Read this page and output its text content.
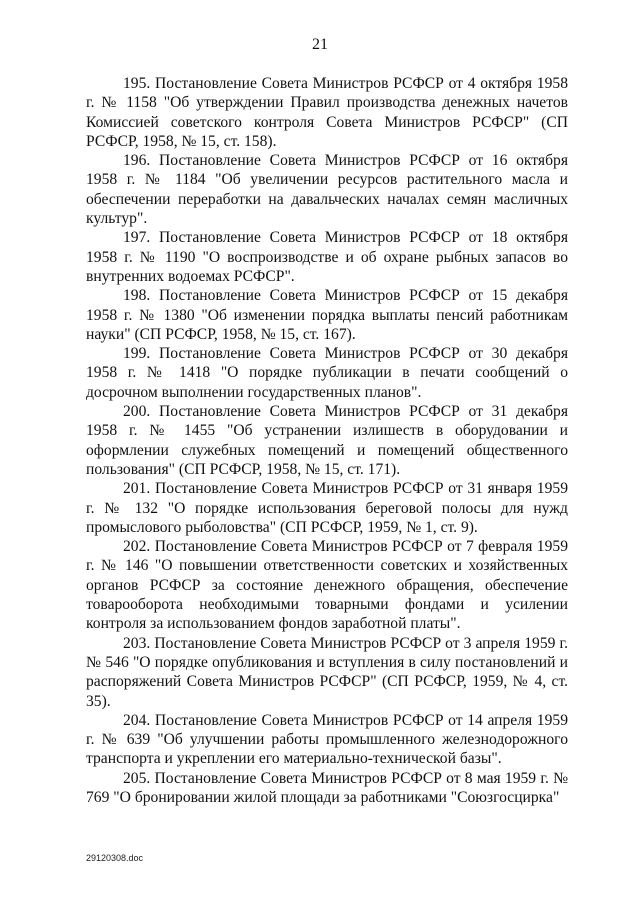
21

195. Постановление Совета Министров РСФСР от 4 октября 1958 г. № 1158 "Об утверждении Правил производства денежных начетов Комиссией советского контроля Совета Министров РСФСР" (СП РСФСР, 1958, № 15, ст. 158).

196. Постановление Совета Министров РСФСР от 16 октября 1958 г. № 1184 "Об увеличении ресурсов растительного масла и обеспечении переработки на давальческих началах семян масличных культур".

197. Постановление Совета Министров РСФСР от 18 октября 1958 г. № 1190 "О воспроизводстве и об охране рыбных запасов во внутренних водоемах РСФСР".

198. Постановление Совета Министров РСФСР от 15 декабря 1958 г. № 1380 "Об изменении порядка выплаты пенсий работникам науки" (СП РСФСР, 1958, № 15, ст. 167).

199. Постановление Совета Министров РСФСР от 30 декабря 1958 г. № 1418 "О порядке публикации в печати сообщений о досрочном выполнении государственных планов".

200. Постановление Совета Министров РСФСР от 31 декабря 1958 г. № 1455 "Об устранении излишеств в оборудовании и оформлении служебных помещений и помещений общественного пользования" (СП РСФСР, 1958, № 15, ст. 171).

201. Постановление Совета Министров РСФСР от 31 января 1959 г. № 132 "О порядке использования береговой полосы для нужд промыслового рыболовства" (СП РСФСР, 1959, № 1, ст. 9).

202. Постановление Совета Министров РСФСР от 7 февраля 1959 г. № 146 "О повышении ответственности советских и хозяйственных органов РСФСР за состояние денежного обращения, обеспечение товарооборота необходимыми товарными фондами и усилении контроля за использованием фондов заработной платы".

203. Постановление Совета Министров РСФСР от 3 апреля 1959 г. № 546 "О порядке опубликования и вступления в силу постановлений и распоряжений Совета Министров РСФСР" (СП РСФСР, 1959, № 4, ст. 35).

204. Постановление Совета Министров РСФСР от 14 апреля 1959 г. № 639 "Об улучшении работы промышленного железнодорожного транспорта и укреплении его материально-технической базы".

205. Постановление Совета Министров РСФСР от 8 мая 1959 г. № 769 "О бронировании жилой площади за работниками "Союзгосцирка"

29120308.doc
